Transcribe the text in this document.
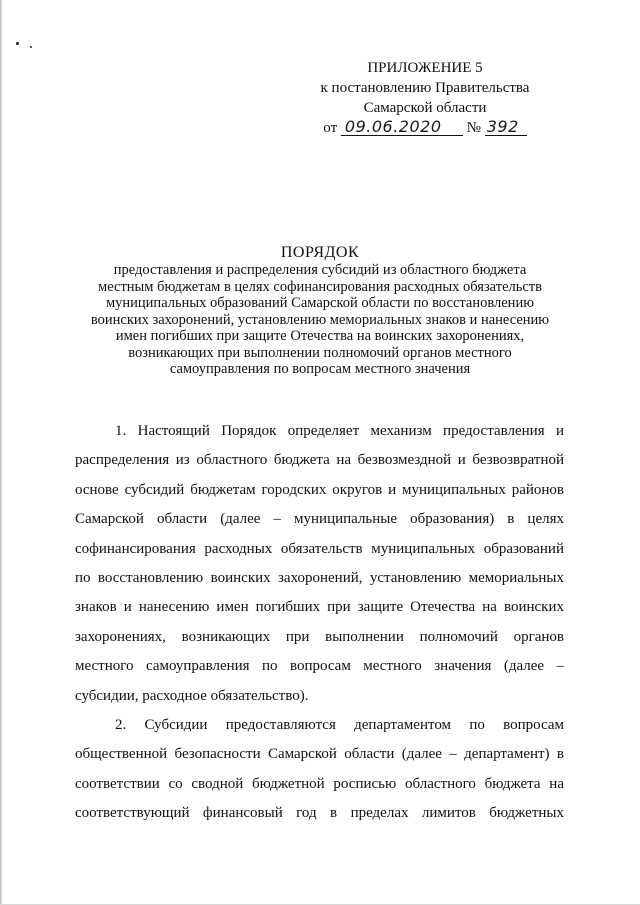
ПРИЛОЖЕНИЕ 5
к постановлению Правительства
Самарской области
от 09.06.2020 № 392
ПОРЯДОК
предоставления и распределения субсидий из областного бюджета
местным бюджетам в целях софинансирования расходных обязательств
муниципальных образований Самарской области по восстановлению
воинских захоронений, установлению мемориальных знаков и нанесению
имен погибших при защите Отечества на воинских захоронениях,
возникающих при выполнении полномочий органов местного
самоуправления по вопросам местного значения
1. Настоящий Порядок определяет механизм предоставления и
распределения из областного бюджета на безвозмездной и безвозвратной
основе субсидий бюджетам городских округов и муниципальных районов
Самарской области (далее – муниципальные образования) в целях
софинансирования расходных обязательств муниципальных образований
по восстановлению воинских захоронений, установлению мемориальных
знаков и нанесению имен погибших при защите Отечества на воинских
захоронениях, возникающих при выполнении полномочий органов
местного самоуправления по вопросам местного значения (далее –
субсидии, расходное обязательство).
2. Субсидии предоставляются департаментом по вопросам
общественной безопасности Самарской области (далее – департамент) в
соответствии со сводной бюджетной росписью областного бюджета на
соответствующий финансовый год в пределах лимитов бюджетных
